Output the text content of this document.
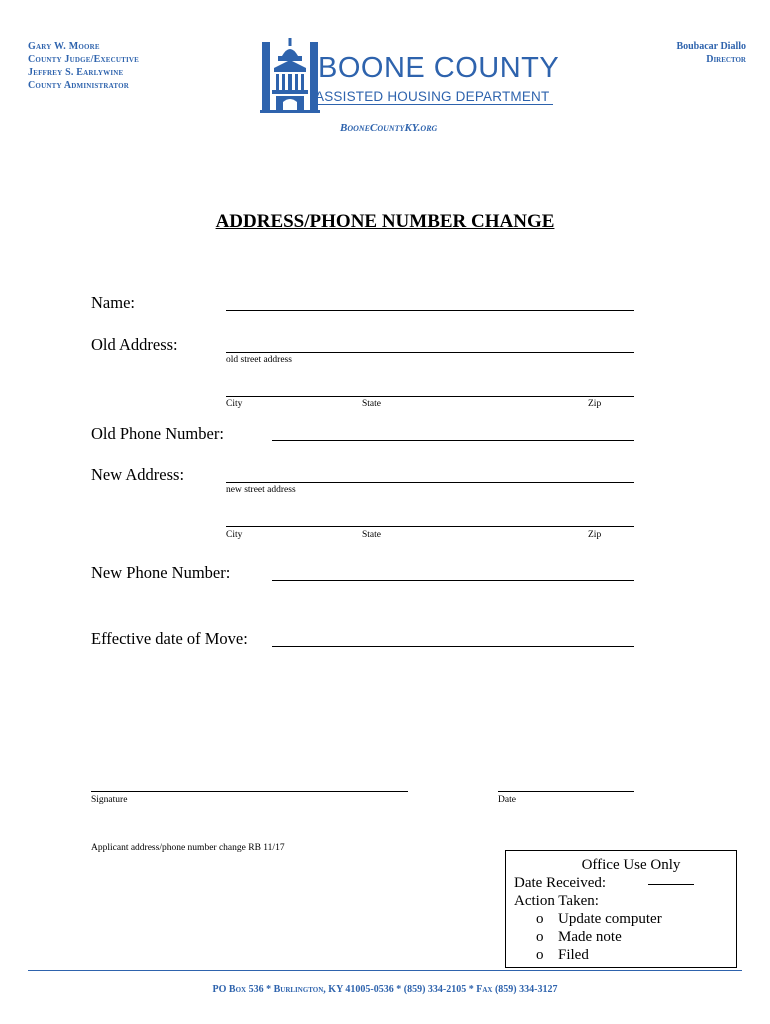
Gary W. Moore
County Judge/Executive
Jeffrey S. Earlywine
County Administrator
Boubacar Diallo
Director
BOONE COUNTY
ASSISTED HOUSING DEPARTMENT
BooneCountyKY.org
ADDRESS/PHONE NUMBER CHANGE
Name:
Old Address:
old street address
City	State	Zip
Old Phone Number:
New Address:
new street address
City	State	Zip
New Phone Number:
Effective date of Move:
Signature	Date
Applicant address/phone number change RB 11/17
Office Use Only
Date Received:
Action Taken:
o Update computer
o Made note
o Filed
PO Box 536 * Burlington, KY 41005-0536 * (859) 334-2105 * Fax (859) 334-3127
